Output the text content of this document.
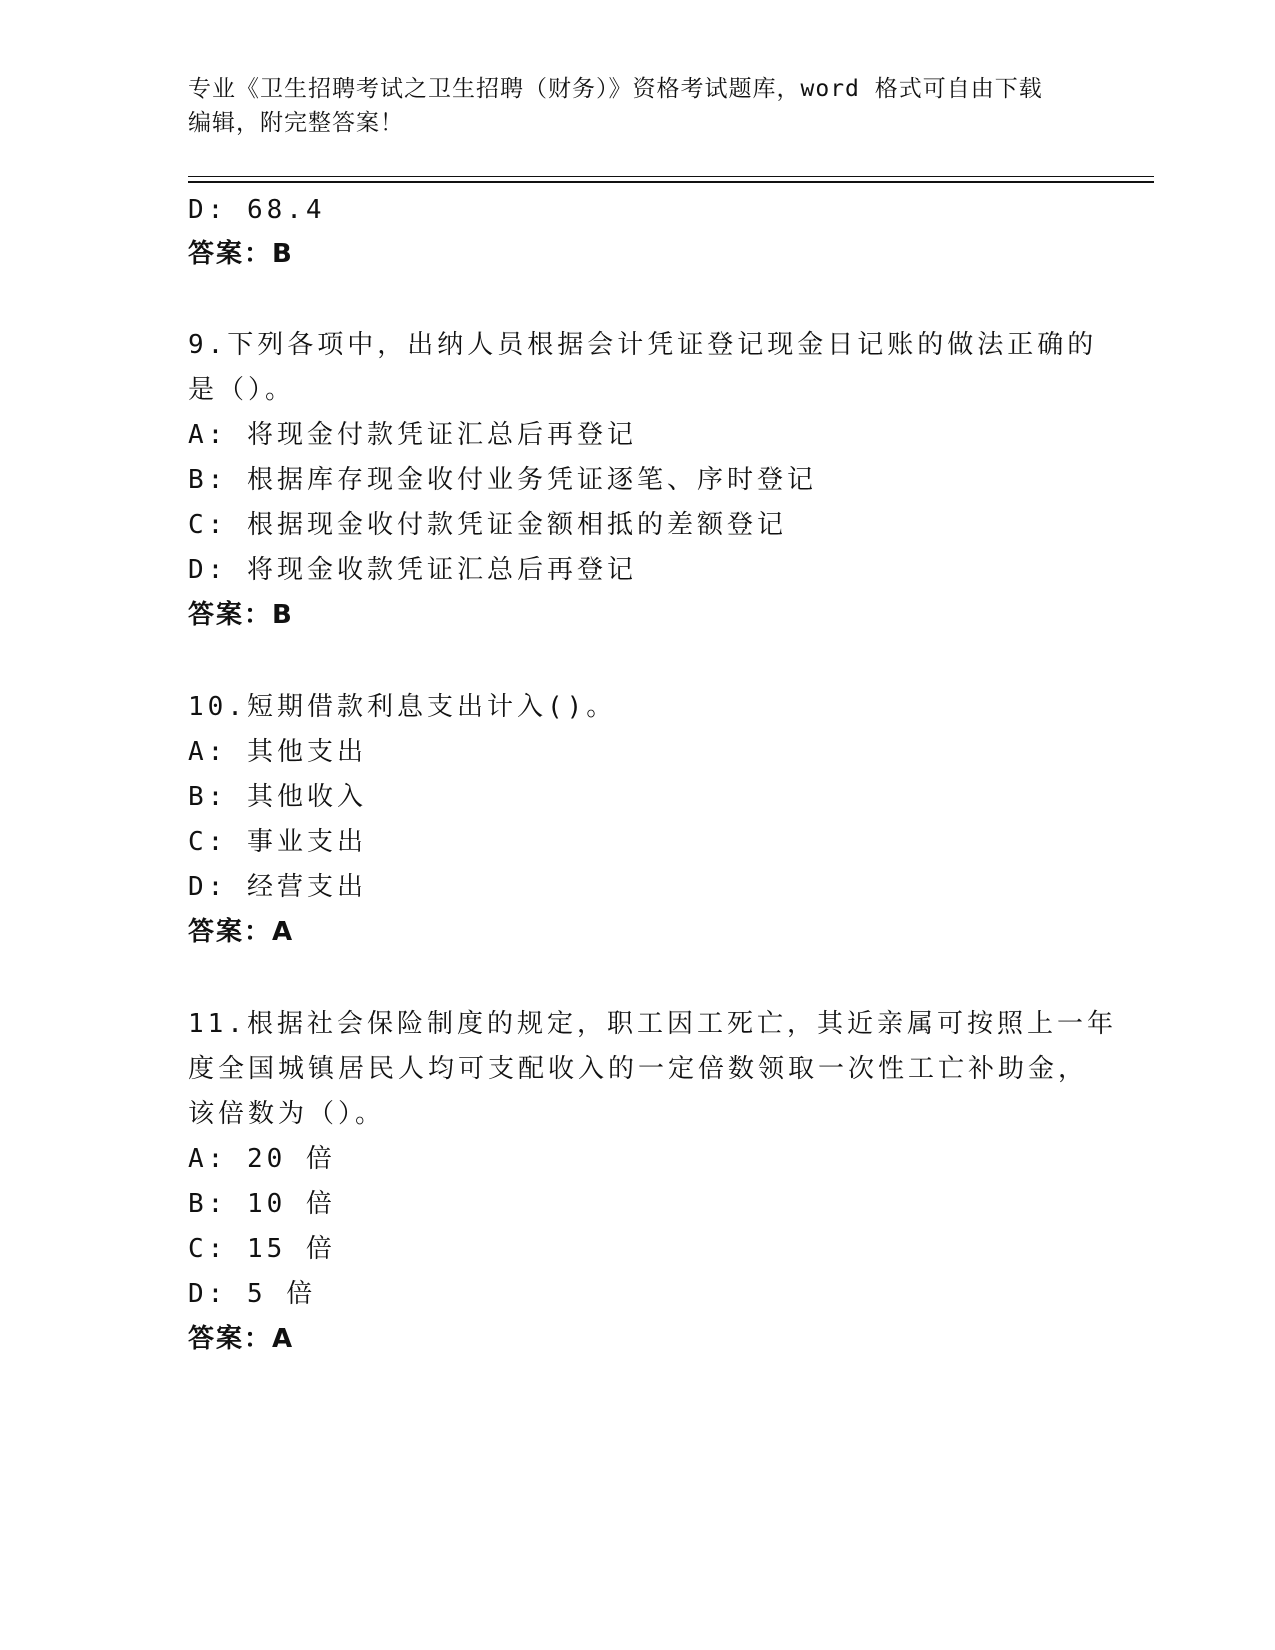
专业《卫生招聘考试之卫生招聘（财务）》资格考试题库，word 格式可自由下载
编辑，附完整答案！
D: 68.4
答案：B
9.下列各项中，出纳人员根据会计凭证登记现金日记账的做法正确的
是（）。
A: 将现金付款凭证汇总后再登记
B: 根据库存现金收付业务凭证逐笔、序时登记
C: 根据现金收付款凭证金额相抵的差额登记
D: 将现金收款凭证汇总后再登记
答案：B
10.短期借款利息支出计入()。
A: 其他支出
B: 其他收入
C: 事业支出
D: 经营支出
答案：A
11.根据社会保险制度的规定，职工因工死亡，其近亲属可按照上一年
度全国城镇居民人均可支配收入的一定倍数领取一次性工亡补助金，
该倍数为（）。
A: 20 倍
B: 10 倍
C: 15 倍
D: 5 倍
答案：A
